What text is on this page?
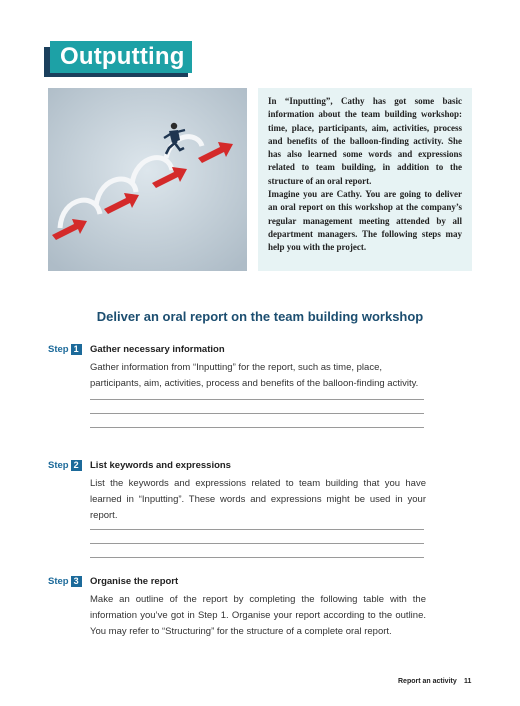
Outputting

In “Inputting”, Cathy has got some basic information about the team building workshop: time, place, participants, aim, activities, process and benefits of the balloon-finding activity. She has also learned some words and expressions related to team building, in addition to the structure of an oral report.

Imagine you are Cathy. You are going to deliver an oral report on this workshop at the company’s regular management meeting attended by all department managers. The following steps may help you with the project.

Deliver an oral report on the team building workshop
Step 1	Gather necessary information

Gather information from “Inputting” for the report, such as time, place, participants, aim, activities, process and benefits of the balloon-finding activity.

Step 2	List keywords and expressions

List the keywords and expressions related to team building that you have learned in “Inputting”. These words and expressions might be used in your report.

Step 3	Organise the report

Make an outline of the report by completing the following table with the information you’ve got in Step 1. Organise your report according to the outline. You may refer to “Structuring” for the structure of a complete oral report.

Report an activity 11
